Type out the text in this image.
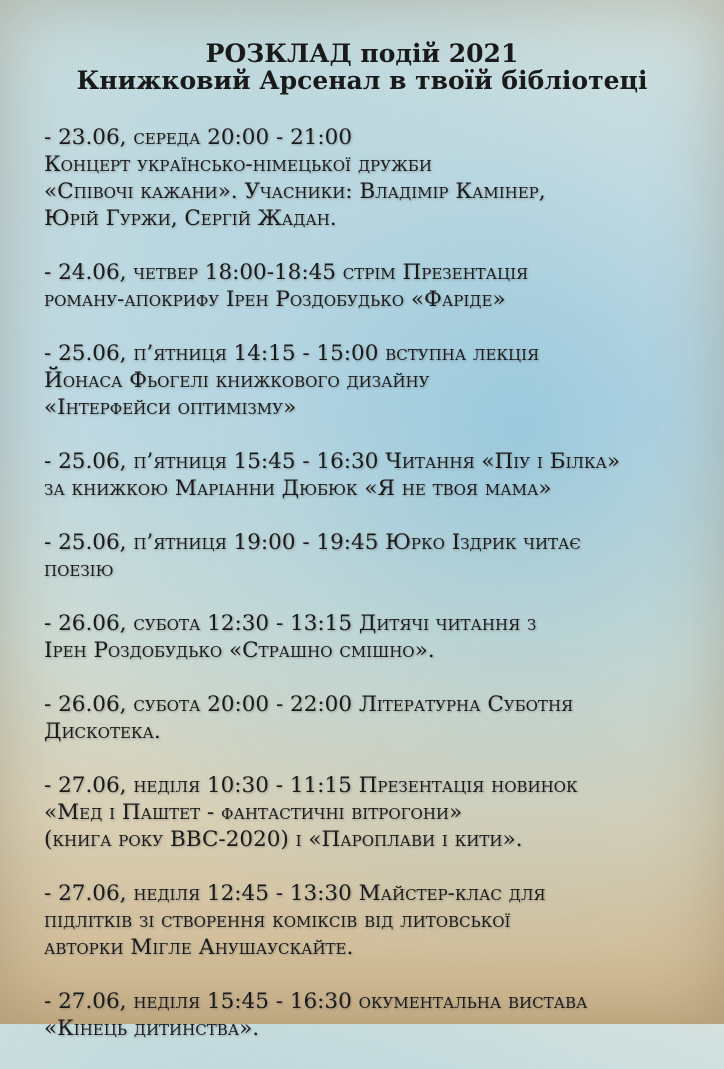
РОЗКЛАД подій 2021
Книжковий Арсенал в твоїй бібліотеці
- 23.06, середа 20:00 - 21:00
Концерт українсько-німецької дружби
«Співочі кажани». Учасники: Владімір Камінер,
Юрій Гуржи, Сергій Жадан.
- 24.06, четвер 18:00-18:45 стрім Презентація
роману-апокрифу Ірен Роздобудько «Фаріде»
- 25.06, п’ятниця 14:15 - 15:00 вступна лекція
Йонаса Фьогелі книжкового дизайну
«Інтерфейси оптимізму»
- 25.06, п’ятниця 15:45 - 16:30 Читання «Піу і Білка»
за книжкою Маріанни Дюбюк «Я не твоя мама»
- 25.06, п’ятниця 19:00 - 19:45 Юрко Іздрик читає
поезію
- 26.06, субота 12:30 - 13:15 Дитячі читання з
Ірен Роздобудько «Страшно смішно».
- 26.06, субота 20:00 - 22:00 Літературна Суботня
Дискотека.
- 27.06, неділя 10:30 - 11:15 Презентація новинок
«Мед і Паштет - фантастичні вітрогони»
(книга року BBC-2020) і «Пароплави і кити».
- 27.06, неділя 12:45 - 13:30 Майстер-клас для
підлітків зі створення коміксів від литовської
авторки Мігле Анушаускайте.
- 27.06, неділя 15:45 - 16:30 окументальна вистава
«Кінець дитинства».
